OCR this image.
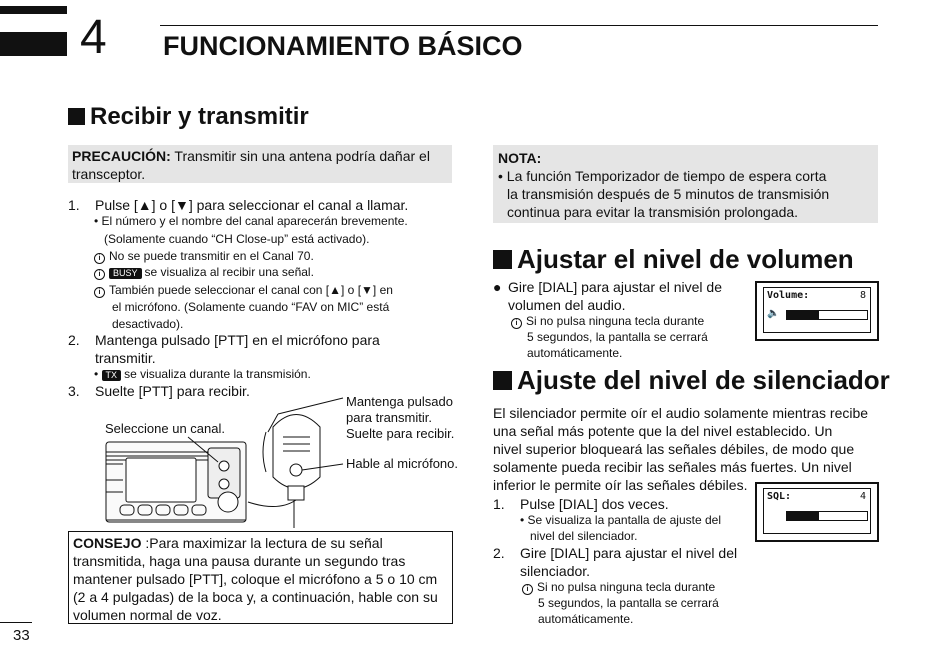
4 FUNCIONAMIENTO BÁSICO
Recibir y transmitir
PRECAUCIÓN: Transmitir sin una antena podría dañar el
transceptor.
1. Pulse [▲] o [▼] para seleccionar el canal a llamar.
• El número y el nombre del canal aparecerán brevemente.
(Solamente cuando “CH Close-up” está activado).
i No se puede transmitir en el Canal 70.
i BUSY se visualiza al recibir una señal.
i También puede seleccionar el canal con [▲] o [▼] en
el micrófono. (Solamente cuando “FAV on MIC” está
desactivado).
2. Mantenga pulsado [PTT] en el micrófono para
transmitir.
• TX se visualiza durante la transmisión.
3. Suelte [PTT] para recibir.
Seleccione un canal.
Mantenga pulsado
para transmitir.
Suelte para recibir.
Hable al micrófono.
CONSEJO :Para maximizar la lectura de su señal
transmitida, haga una pausa durante un segundo tras
mantener pulsado [PTT], coloque el micrófono a 5 o 10 cm
(2 a 4 pulgadas) de la boca y, a continuación, hable con su
volumen normal de voz.
NOTA:
• La función Temporizador de tiempo de espera corta
la transmisión después de 5 minutos de transmisión
continua para evitar la transmisión prolongada.
Ajustar el nivel de volumen
● Gire [DIAL] para ajustar el nivel de
volumen del audio.
i Si no pulsa ninguna tecla durante
5 segundos, la pantalla se cerrará
automáticamente.
Volume:	8
🔈
Ajuste del nivel de silenciador
El silenciador permite oír el audio solamente mientras recibe
una señal más potente que la del nivel establecido. Un
nivel superior bloqueará las señales débiles, de modo que
solamente pueda recibir las señales más fuertes. Un nivel
inferior le permite oír las señales débiles.
1. Pulse [DIAL] dos veces.
• Se visualiza la pantalla de ajuste del
nivel del silenciador.
2. Gire [DIAL] para ajustar el nivel del
silenciador.
i Si no pulsa ninguna tecla durante
5 segundos, la pantalla se cerrará
automáticamente.
SQL:	4
33
